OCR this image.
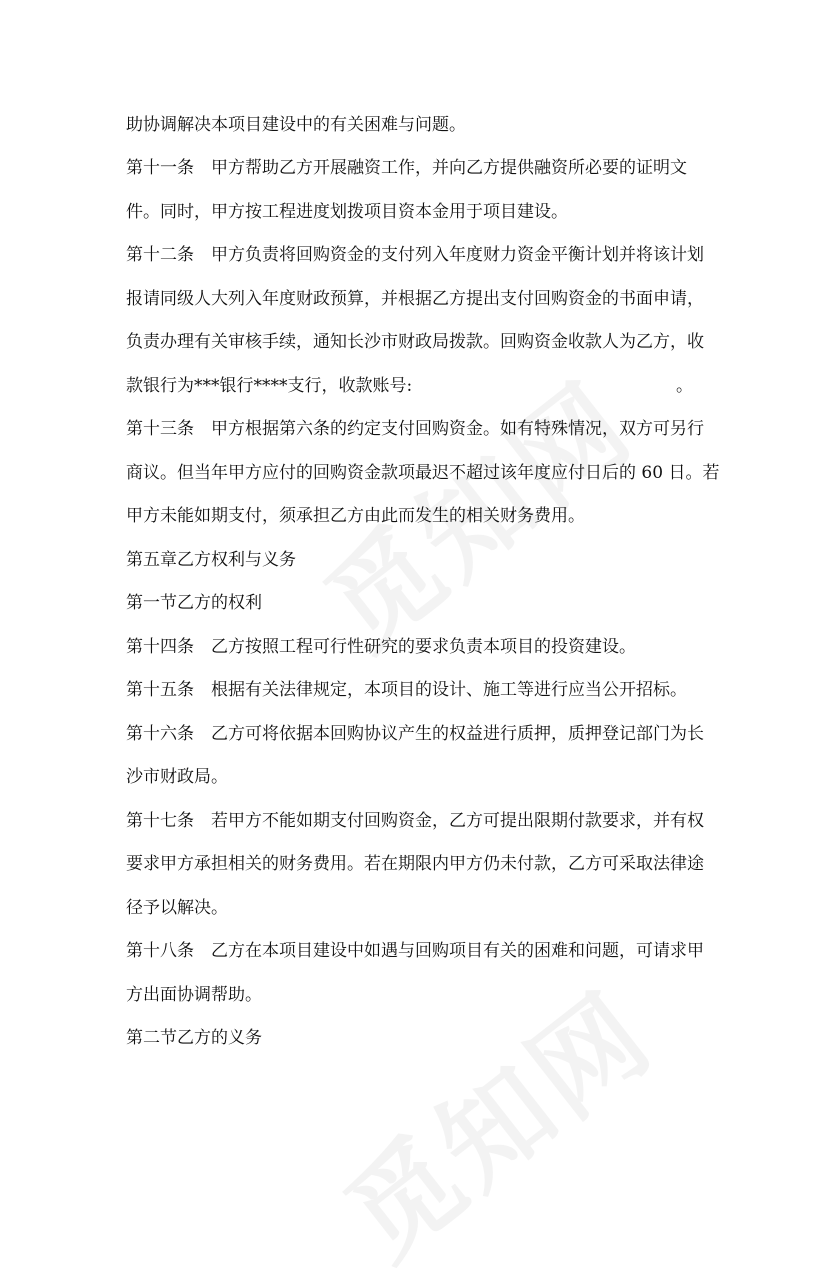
助协调解决本项目建设中的有关困难与问题。
第十一条　甲方帮助乙方开展融资工作，并向乙方提供融资所必要的证明文
件。同时，甲方按工程进度划拨项目资本金用于项目建设。
第十二条　甲方负责将回购资金的支付列入年度财力资金平衡计划并将该计划
报请同级人大列入年度财政预算，并根据乙方提出支付回购资金的书面申请，
负责办理有关审核手续，通知长沙市财政局拨款。回购资金收款人为乙方，收
款银行为***银行****支行，收款账号:	。
第十三条　甲方根据第六条的约定支付回购资金。如有特殊情况，双方可另行
商议。但当年甲方应付的回购资金款项最迟不超过该年度应付日后的 60 日。若
甲方未能如期支付，须承担乙方由此而发生的相关财务费用。
第五章乙方权利与义务
第一节乙方的权利
第十四条　乙方按照工程可行性研究的要求负责本项目的投资建设。
第十五条　根据有关法律规定，本项目的设计、施工等进行应当公开招标。
第十六条　乙方可将依据本回购协议产生的权益进行质押，质押登记部门为长
沙市财政局。
第十七条　若甲方不能如期支付回购资金，乙方可提出限期付款要求，并有权
要求甲方承担相关的财务费用。若在期限内甲方仍未付款，乙方可采取法律途
径予以解决。
第十八条　乙方在本项目建设中如遇与回购项目有关的困难和问题，可请求甲
方出面协调帮助。
第二节乙方的义务
